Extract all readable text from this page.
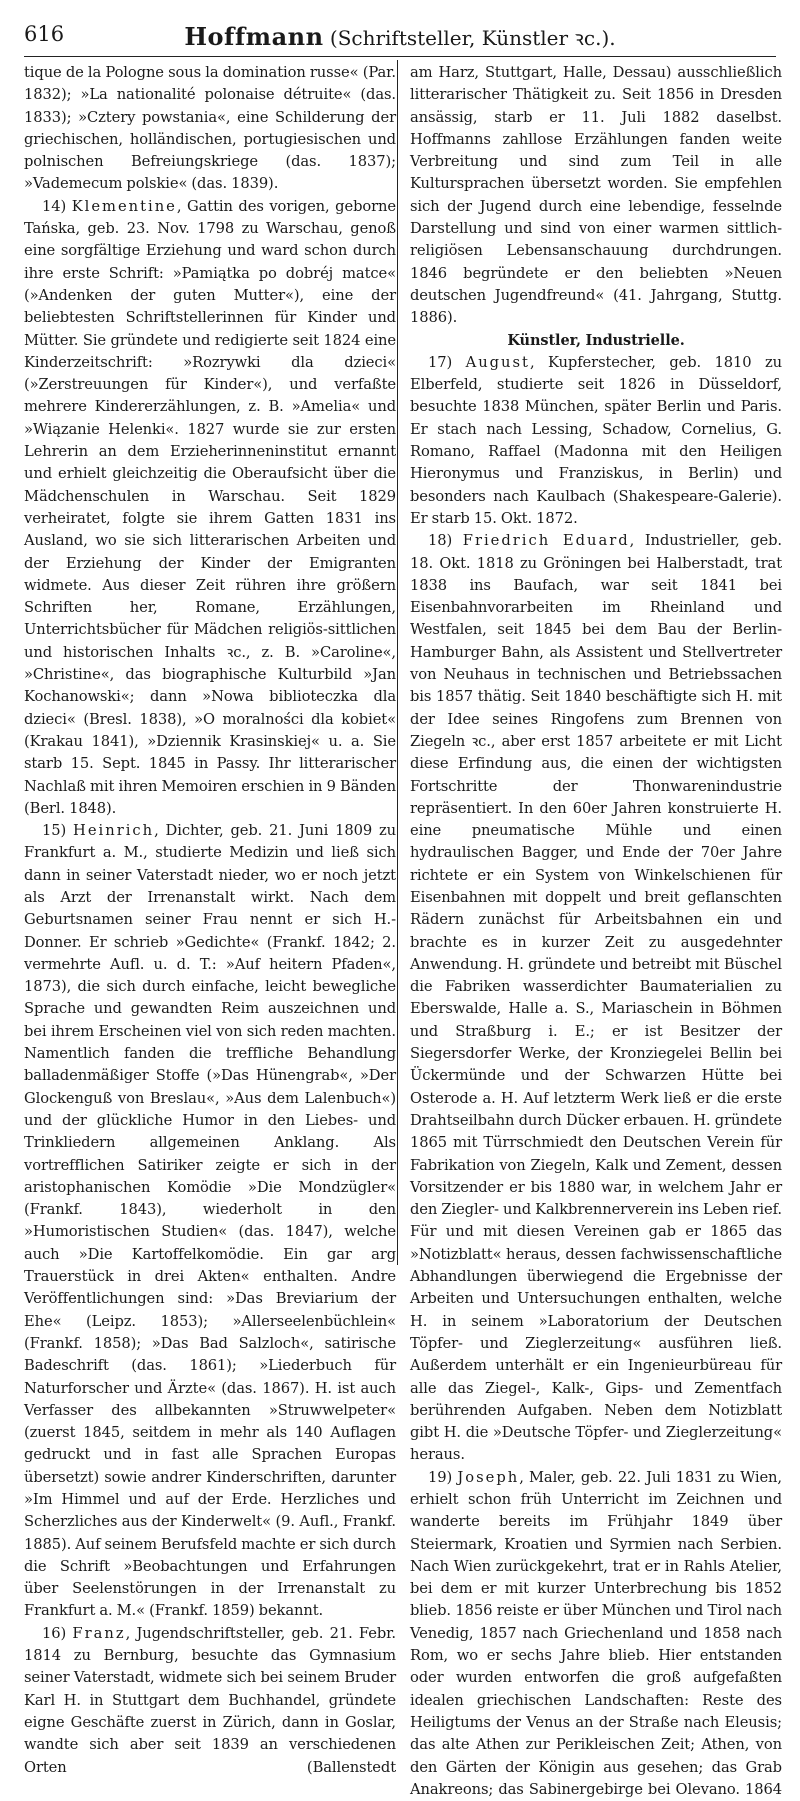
616	Hoffmann (Schriftsteller, Künstler ꝛc.).

tique de la Pologne sous la domination russe« (Par. 1832); »La nationalité polonaise détruite« (das. 1833); »Cztery powstania«, eine Schilderung der griechischen, holländischen, portugiesischen und polnischen Befreiungskriege (das. 1837); »Vademecum polskie« (das. 1839).

14) Klementine, Gattin des vorigen, geborne Tańska, geb. 23. Nov. 1798 zu Warschau, genoß eine sorgfältige Erziehung und ward schon durch ihre erste Schrift: »Pamiątka po dobréj matce« (»Andenken der guten Mutter«), eine der beliebtesten Schriftstellerinnen für Kinder und Mütter. Sie gründete und redigierte seit 1824 eine Kinderzeitschrift: »Rozrywki dla dzieci« (»Zerstreuungen für Kinder«), und verfaßte mehrere Kindererzählungen, z. B. »Amelia« und »Wiązanie Helenki«. 1827 wurde sie zur ersten Lehrerin an dem Erzieherinneninstitut ernannt und erhielt gleichzeitig die Oberaufsicht über die Mädchenschulen in Warschau. Seit 1829 verheiratet, folgte sie ihrem Gatten 1831 ins Ausland, wo sie sich litterarischen Arbeiten und der Erziehung der Kinder der Emigranten widmete. Aus dieser Zeit rühren ihre größern Schriften her, Romane, Erzählungen, Unterrichtsbücher für Mädchen religiös-sittlichen und historischen Inhalts ꝛc., z. B. »Caroline«, »Christine«, das biographische Kulturbild »Jan Kochanowski«; dann »Nowa biblioteczka dla dzieci« (Bresl. 1838), »O moralności dla kobiet« (Krakau 1841), »Dziennik Krasinskiej« u. a. Sie starb 15. Sept. 1845 in Passy. Ihr litterarischer Nachlaß mit ihren Memoiren erschien in 9 Bänden (Berl. 1848).

15) Heinrich, Dichter, geb. 21. Juni 1809 zu Frankfurt a. M., studierte Medizin und ließ sich dann in seiner Vaterstadt nieder, wo er noch jetzt als Arzt der Irrenanstalt wirkt. Nach dem Geburtsnamen seiner Frau nennt er sich H.-Donner. Er schrieb »Gedichte« (Frankf. 1842; 2. vermehrte Aufl. u. d. T.: »Auf heitern Pfaden«, 1873), die sich durch einfache, leicht bewegliche Sprache und gewandten Reim auszeichnen und bei ihrem Erscheinen viel von sich reden machten. Namentlich fanden die treffliche Behandlung balladenmäßiger Stoffe (»Das Hünengrab«, »Der Glockenguß von Breslau«, »Aus dem Lalenbuch«) und der glückliche Humor in den Liebes- und Trinkliedern allgemeinen Anklang. Als vortrefflichen Satiriker zeigte er sich in der aristophanischen Komödie »Die Mondzügler« (Frankf. 1843), wiederholt in den »Humoristischen Studien« (das. 1847), welche auch »Die Kartoffelkomödie. Ein gar arg Trauerstück in drei Akten« enthalten. Andre Veröffentlichungen sind: »Das Breviarium der Ehe« (Leipz. 1853); »Allerseelenbüchlein« (Frankf. 1858); »Das Bad Salzloch«, satirische Badeschrift (das. 1861); »Liederbuch für Naturforscher und Ärzte« (das. 1867). H. ist auch Verfasser des allbekannten »Struwwelpeter« (zuerst 1845, seitdem in mehr als 140 Auflagen gedruckt und in fast alle Sprachen Europas übersetzt) sowie andrer Kinderschriften, darunter »Im Himmel und auf der Erde. Herzliches und Scherzliches aus der Kinderwelt« (9. Aufl., Frankf. 1885). Auf seinem Berufsfeld machte er sich durch die Schrift »Beobachtungen und Erfahrungen über Seelenstörungen in der Irrenanstalt zu Frankfurt a. M.« (Frankf. 1859) bekannt.

16) Franz, Jugendschriftsteller, geb. 21. Febr. 1814 zu Bernburg, besuchte das Gymnasium seiner Vaterstadt, widmete sich bei seinem Bruder Karl H. in Stuttgart dem Buchhandel, gründete eigne Geschäfte zuerst in Zürich, dann in Goslar, wandte sich aber seit 1839 an verschiedenen Orten (Ballenstedt

am Harz, Stuttgart, Halle, Dessau) ausschließlich litterarischer Thätigkeit zu. Seit 1856 in Dresden ansässig, starb er 11. Juli 1882 daselbst. Hoffmanns zahllose Erzählungen fanden weite Verbreitung und sind zum Teil in alle Kultursprachen übersetzt worden. Sie empfehlen sich der Jugend durch eine lebendige, fesselnde Darstellung und sind von einer warmen sittlich-religiösen Lebensanschauung durchdrungen. 1846 begründete er den beliebten »Neuen deutschen Jugendfreund« (41. Jahrgang, Stuttg. 1886).

Künstler, Industrielle.

17) August, Kupferstecher, geb. 1810 zu Elberfeld, studierte seit 1826 in Düsseldorf, besuchte 1838 München, später Berlin und Paris. Er stach nach Lessing, Schadow, Cornelius, G. Romano, Raffael (Madonna mit den Heiligen Hieronymus und Franziskus, in Berlin) und besonders nach Kaulbach (Shakespeare-Galerie). Er starb 15. Okt. 1872.

18) Friedrich Eduard, Industrieller, geb. 18. Okt. 1818 zu Gröningen bei Halberstadt, trat 1838 ins Baufach, war seit 1841 bei Eisenbahnvorarbeiten im Rheinland und Westfalen, seit 1845 bei dem Bau der Berlin-Hamburger Bahn, als Assistent und Stellvertreter von Neuhaus in technischen und Betriebssachen bis 1857 thätig. Seit 1840 beschäftigte sich H. mit der Idee seines Ringofens zum Brennen von Ziegeln ꝛc., aber erst 1857 arbeitete er mit Licht diese Erfindung aus, die einen der wichtigsten Fortschritte der Thonwarenindustrie repräsentiert. In den 60er Jahren konstruierte H. eine pneumatische Mühle und einen hydraulischen Bagger, und Ende der 70er Jahre richtete er ein System von Winkelschienen für Eisenbahnen mit doppelt und breit geflanschten Rädern zunächst für Arbeitsbahnen ein und brachte es in kurzer Zeit zu ausgedehnter Anwendung. H. gründete und betreibt mit Büschel die Fabriken wasserdichter Baumaterialien zu Eberswalde, Halle a. S., Mariaschein in Böhmen und Straßburg i. E.; er ist Besitzer der Siegersdorfer Werke, der Kronziegelei Bellin bei Ückermünde und der Schwarzen Hütte bei Osterode a. H. Auf letzterm Werk ließ er die erste Drahtseilbahn durch Dücker erbauen. H. gründete 1865 mit Türrschmiedt den Deutschen Verein für Fabrikation von Ziegeln, Kalk und Zement, dessen Vorsitzender er bis 1880 war, in welchem Jahr er den Ziegler- und Kalkbrennerverein ins Leben rief. Für und mit diesen Vereinen gab er 1865 das »Notizblatt« heraus, dessen fachwissenschaftliche Abhandlungen überwiegend die Ergebnisse der Arbeiten und Untersuchungen enthalten, welche H. in seinem »Laboratorium der Deutschen Töpfer- und Zieglerzeitung« ausführen ließ. Außerdem unterhält er ein Ingenieurbüreau für alle das Ziegel-, Kalk-, Gips- und Zementfach berührenden Aufgaben. Neben dem Notizblatt gibt H. die »Deutsche Töpfer- und Zieglerzeitung« heraus.

19) Joseph, Maler, geb. 22. Juli 1831 zu Wien, erhielt schon früh Unterricht im Zeichnen und wanderte bereits im Frühjahr 1849 über Steiermark, Kroatien und Syrmien nach Serbien. Nach Wien zurückgekehrt, trat er in Rahls Atelier, bei dem er mit kurzer Unterbrechung bis 1852 blieb. 1856 reiste er über München und Tirol nach Venedig, 1857 nach Griechenland und 1858 nach Rom, wo er sechs Jahre blieb. Hier entstanden oder wurden entworfen die groß aufgefaßten idealen griechischen Landschaften: Reste des Heiligtums der Venus an der Straße nach Eleusis; das alte Athen zur Perikleischen Zeit; Athen, von den Gärten der Königin aus gesehen; das Grab Anakreons; das Sabinergebirge bei Olevano. 1864
